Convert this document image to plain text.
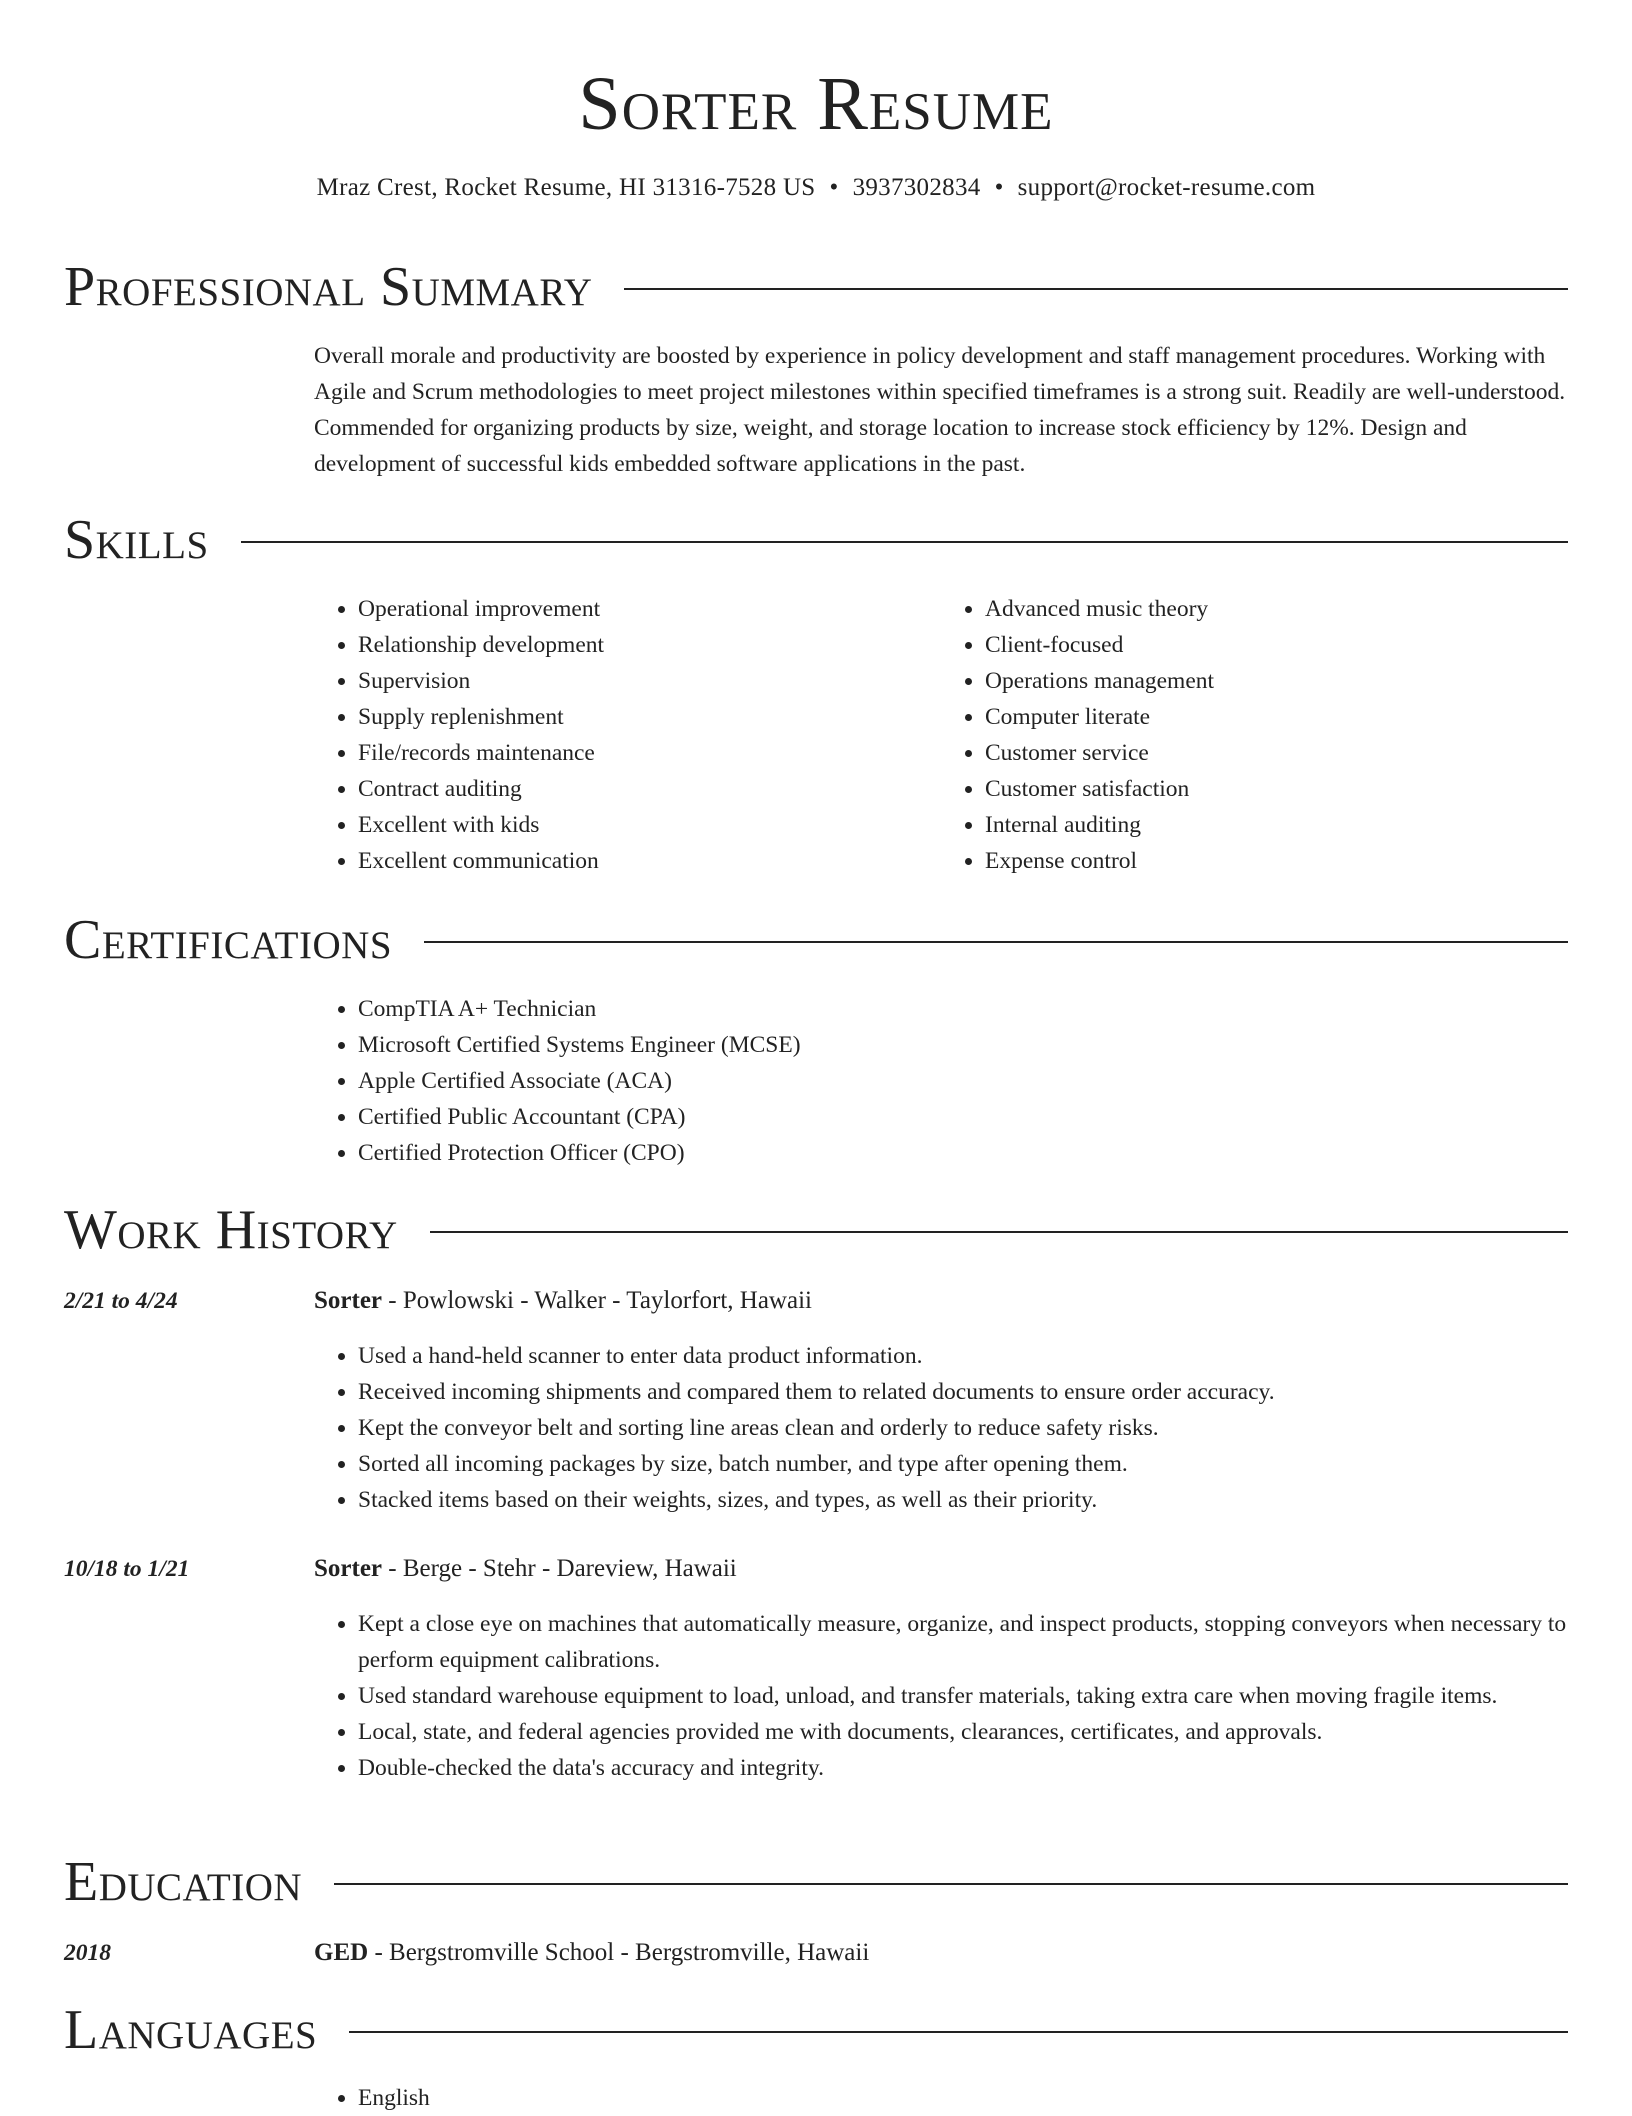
Sorter Resume
Mraz Crest, Rocket Resume, HI 31316-7528 US • 3937302834 • support@rocket-resume.com
Professional Summary

Overall morale and productivity are boosted by experience in policy development and staff management procedures. Working with Agile and Scrum methodologies to meet project milestones within specified timeframes is a strong suit. Readily are well-understood. Commended for organizing products by size, weight, and storage location to increase stock efficiency by 12%. Design and development of successful kids embedded software applications in the past.

Skills
• Operational improvement
• Relationship development
• Supervision
• Supply replenishment
• File/records maintenance
• Contract auditing
• Excellent with kids
• Excellent communication
• Advanced music theory
• Client-focused
• Operations management
• Computer literate
• Customer service
• Customer satisfaction
• Internal auditing
• Expense control
Certifications
• CompTIA A+ Technician
• Microsoft Certified Systems Engineer (MCSE)
• Apple Certified Associate (ACA)
• Certified Public Accountant (CPA)
• Certified Protection Officer (CPO)
Work History
2/21 to 4/24	Sorter - Powlowski - Walker - Taylorfort, Hawaii
• Used a hand-held scanner to enter data product information.
• Received incoming shipments and compared them to related documents to ensure order accuracy.
• Kept the conveyor belt and sorting line areas clean and orderly to reduce safety risks.
• Sorted all incoming packages by size, batch number, and type after opening them.
• Stacked items based on their weights, sizes, and types, as well as their priority.
10/18 to 1/21	Sorter - Berge - Stehr - Dareview, Hawaii
• Kept a close eye on machines that automatically measure, organize, and inspect products, stopping conveyors when necessary to perform equipment calibrations.
• Used standard warehouse equipment to load, unload, and transfer materials, taking extra care when moving fragile items.
• Local, state, and federal agencies provided me with documents, clearances, certificates, and approvals.
• Double-checked the data's accuracy and integrity.
Education
2018	GED - Bergstromville School - Bergstromville, Hawaii
Languages
• English
